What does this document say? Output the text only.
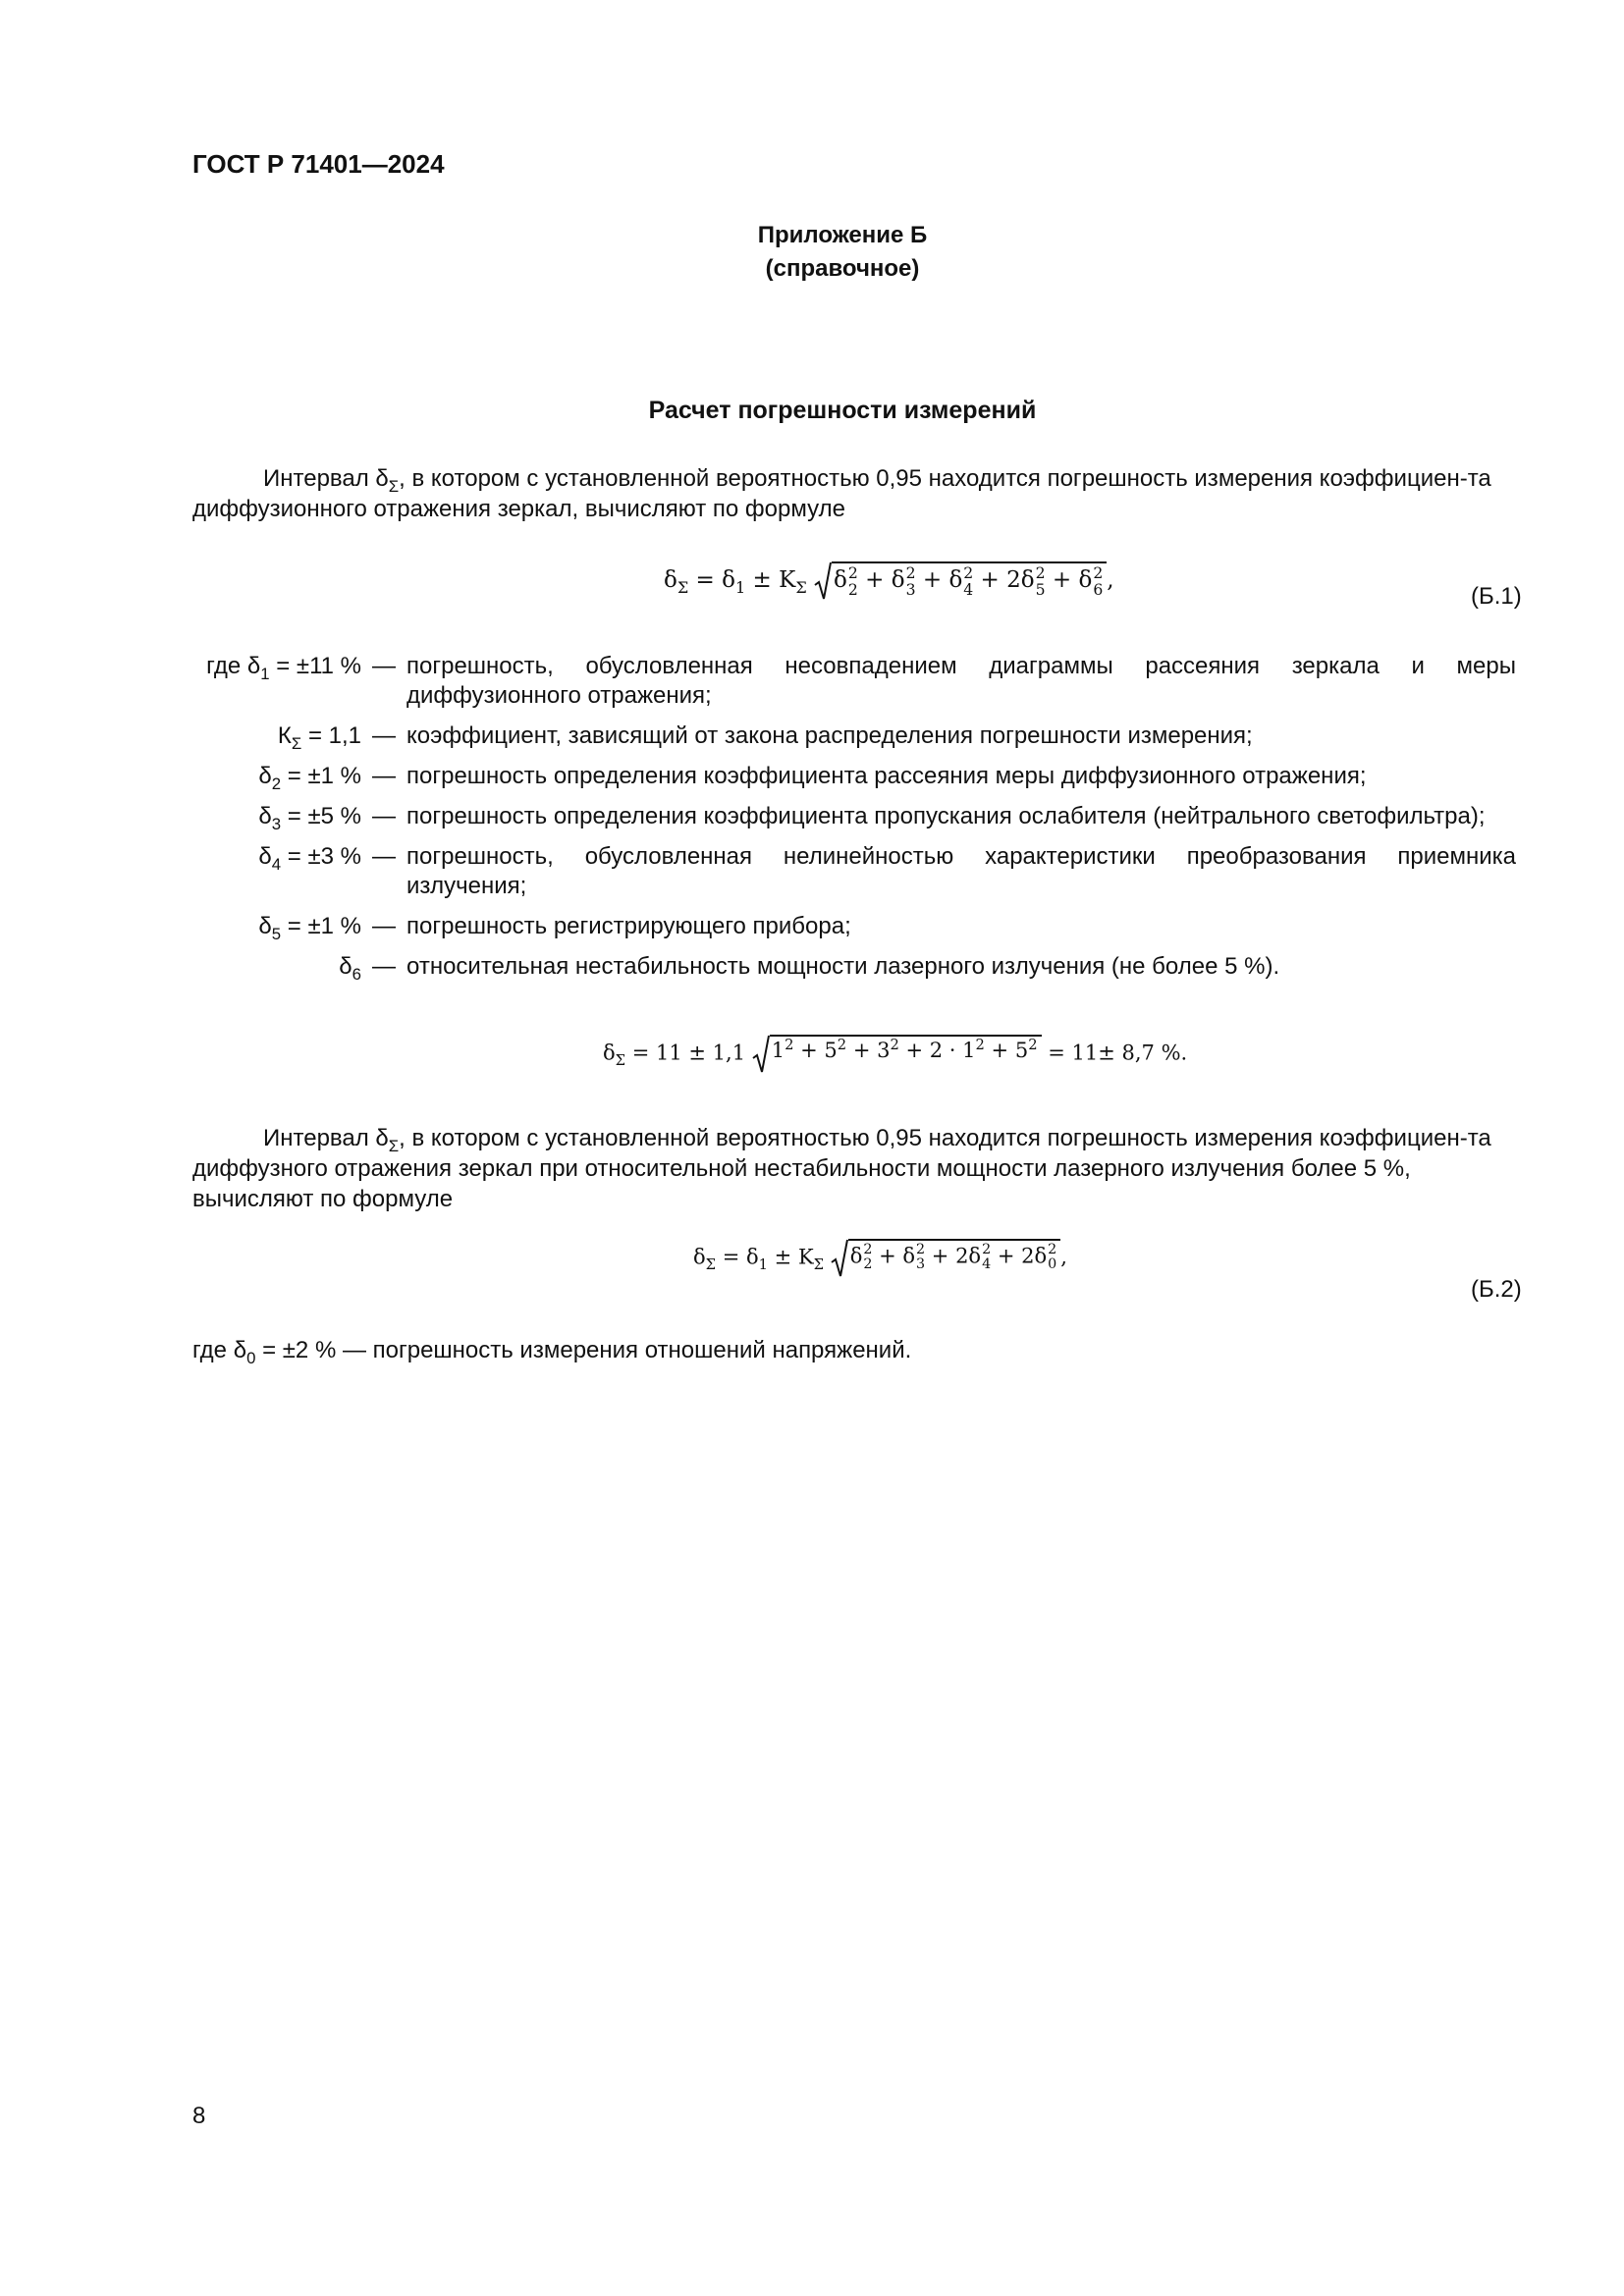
ГОСТ Р 71401—2024
Приложение Б
(справочное)
Расчет погрешности измерений
Интервал $\delta_\Sigma$, в котором с установленной вероятностью 0,95 находится погрешность измерения коэффициен-та диффузионного отражения зеркал, вычисляют по формуле
$\delta_\Sigma = \delta_1 \pm K_\Sigma$ δ 2
2 + δ 2
3 + δ 2
4 + 2δ 2
5 + δ 2
6 ,
(Б.1)
где $\delta_1 = \pm 11$ % — погрешность, обусловленная несовпадением диаграммы рассеяния зеркала и меры диффузионного отражения;
$К_\Sigma = 1,1$ — коэффициент, зависящий от закона распределения погрешности измерения;
$\delta_2 = \pm 1$ % — погрешность определения коэффициента рассеяния меры диффузионного отражения;
$\delta_3 = \pm 5$ % — погрешность определения коэффициента пропускания ослабителя (нейтрального светофильтра);
$\delta_4 = \pm 3$ % — погрешность, обусловленная нелинейностью характеристики преобразования приемника излучения;
$\delta_5 = \pm 1$ % — погрешность регистрирующего прибора;
$\delta_6$ — относительная нестабильность мощности лазерного излучения (не более 5 %).
$\delta_\Sigma = 11 \pm 1,1$ $1^2 + 5^2 + 3^2 + 2 \cdot 1^2 + 5^2 = 11\pm 8,7$ %.
Интервал $\delta_\Sigma$, в котором с установленной вероятностью 0,95 находится погрешность измерения коэффициен-та диффузного отражения зеркал при относительной нестабильности мощности лазерного излучения более 5 %, вычисляют по формуле
$\delta_\Sigma = \delta_1 \pm K_\Sigma$ δ 2
2 + δ 2
3 + 2δ 2
4 + 2δ 2
0 ,
(Б.2)
где $\delta_0 = \pm 2$ % — погрешность измерения отношений напряжений.
8
